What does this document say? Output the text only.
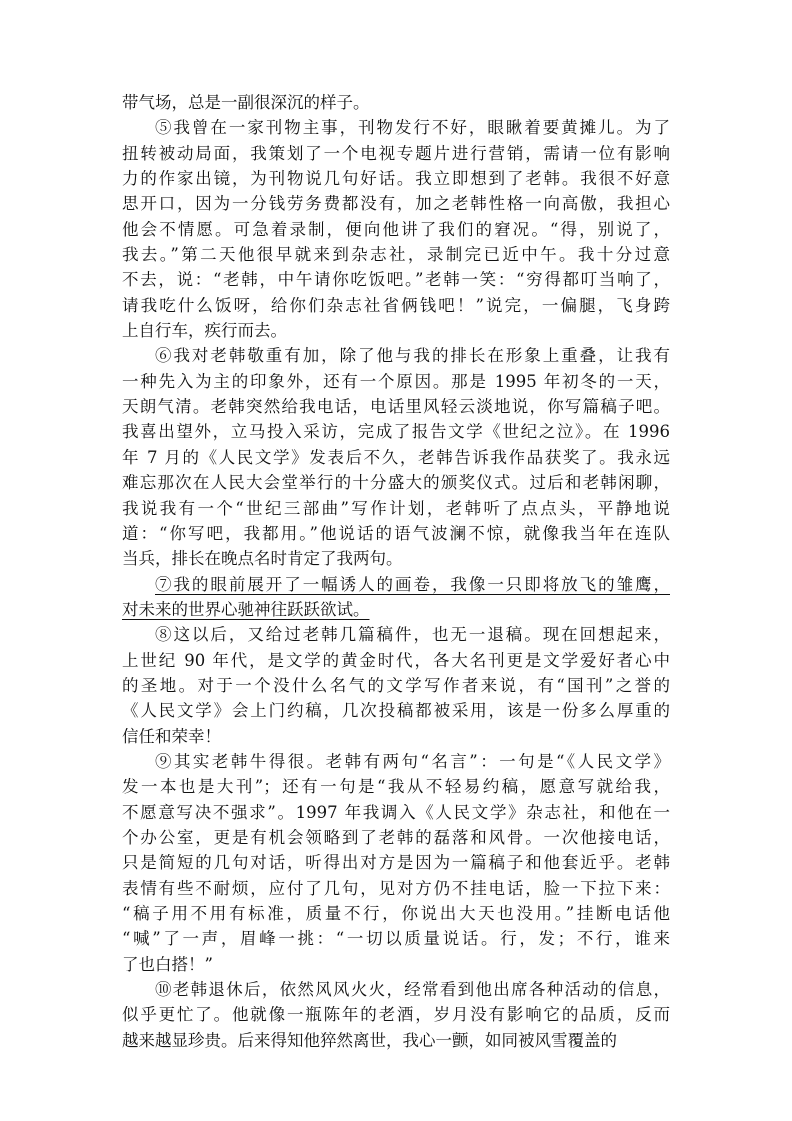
带气场，总是一副很深沉的样子。

⑤我曾在一家刊物主事，刊物发行不好，眼瞅着要黄摊儿。为了
扭转被动局面，我策划了一个电视专题片进行营销，需请一位有影响
力的作家出镜，为刊物说几句好话。我立即想到了老韩。我很不好意
思开口，因为一分钱劳务费都没有，加之老韩性格一向高傲，我担心
他会不情愿。可急着录制，便向他讲了我们的窘况。“得，别说了，
我去。”第二天他很早就来到杂志社，录制完已近中午。我十分过意
不去，说：“老韩，中午请你吃饭吧。”老韩一笑：“穷得都叮当响了，
请我吃什么饭呀，给你们杂志社省俩钱吧！”说完，一偏腿，飞身跨
上自行车，疾行而去。

⑥我对老韩敬重有加，除了他与我的排长在形象上重叠，让我有
一种先入为主的印象外，还有一个原因。那是 1995 年初冬的一天，
天朗气清。老韩突然给我电话，电话里风轻云淡地说，你写篇稿子吧。
我喜出望外，立马投入采访，完成了报告文学《世纪之泣》。在 1996
年 7 月的《人民文学》发表后不久，老韩告诉我作品获奖了。我永远
难忘那次在人民大会堂举行的十分盛大的颁奖仪式。过后和老韩闲聊，
我说我有一个“世纪三部曲”写作计划，老韩听了点点头，平静地说
道：“你写吧，我都用。”他说话的语气波澜不惊，就像我当年在连队
当兵，排长在晚点名时肯定了我两句。

⑦我的眼前展开了一幅诱人的画卷，我像一只即将放飞的雏鹰，
对未来的世界心驰神往跃跃欲试。

⑧这以后，又给过老韩几篇稿件，也无一退稿。现在回想起来，
上世纪 90 年代，是文学的黄金时代，各大名刊更是文学爱好者心中
的圣地。对于一个没什么名气的文学写作者来说，有“国刊”之誉的
《人民文学》会上门约稿，几次投稿都被采用，该是一份多么厚重的
信任和荣幸！

⑨其实老韩牛得很。老韩有两句“名言”：一句是“《人民文学》
发一本也是大刊”；还有一句是“我从不轻易约稿，愿意写就给我，
不愿意写决不强求”。1997 年我调入《人民文学》杂志社，和他在一
个办公室，更是有机会领略到了老韩的磊落和风骨。一次他接电话，
只是简短的几句对话，听得出对方是因为一篇稿子和他套近乎。老韩
表情有些不耐烦，应付了几句，见对方仍不挂电话，脸一下拉下来：
“稿子用不用有标准，质量不行，你说出大天也没用。”挂断电话他
“喊”了一声，眉峰一挑：“一切以质量说话。行，发；不行，谁来
了也白搭！”

⑩老韩退休后，依然风风火火，经常看到他出席各种活动的信息，
似乎更忙了。他就像一瓶陈年的老酒，岁月没有影响它的品质，反而
越来越显珍贵。后来得知他猝然离世，我心一颤，如同被风雪覆盖的
